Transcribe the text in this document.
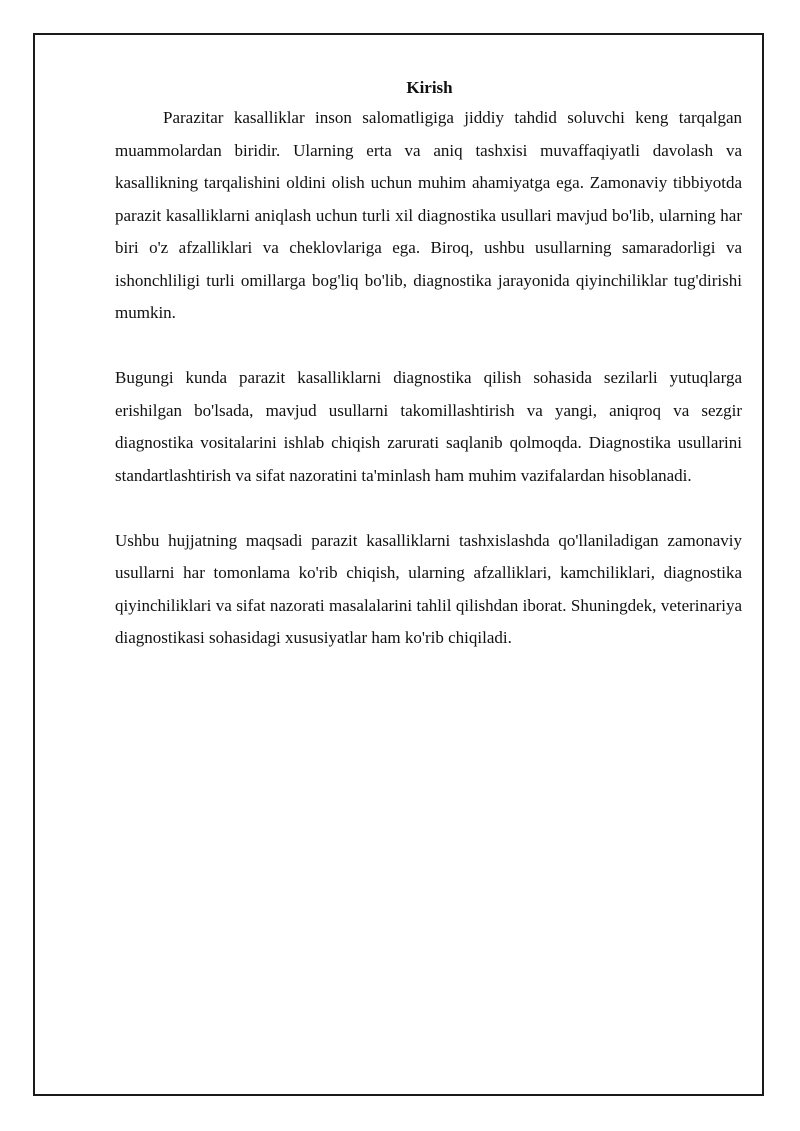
Kirish

Parazitar kasalliklar inson salomatligiga jiddiy tahdid soluvchi keng tarqalgan muammolardan biridir. Ularning erta va aniq tashxisi muvaffaqiyatli davolash va kasallikning tarqalishini oldini olish uchun muhim ahamiyatga ega. Zamonaviy tibbiyotda parazit kasalliklarni aniqlash uchun turli xil diagnostika usullari mavjud bo'lib, ularning har biri o'z afzalliklari va cheklovlariga ega. Biroq, ushbu usullarning samaradorligi va ishonchliligi turli omillarga bog'liq bo'lib, diagnostika jarayonida qiyinchiliklar tug'dirishi mumkin.

Bugungi kunda parazit kasalliklarni diagnostika qilish sohasida sezilarli yutuqlarga erishilgan bo'lsada, mavjud usullarni takomillashtirish va yangi, aniqroq va sezgir diagnostika vositalarini ishlab chiqish zarurati saqlanib qolmoqda. Diagnostika usullarini standartlashtirish va sifat nazoratini ta'minlash ham muhim vazifalardan hisoblanadi.

Ushbu hujjatning maqsadi parazit kasalliklarni tashxislashda qo'llaniladigan zamonaviy usullarni har tomonlama ko'rib chiqish, ularning afzalliklari, kamchiliklari, diagnostika qiyinchiliklari va sifat nazorati masalalarini tahlil qilishdan iborat. Shuningdek, veterinariya diagnostikasi sohasidagi xususiyatlar ham ko'rib chiqiladi.
